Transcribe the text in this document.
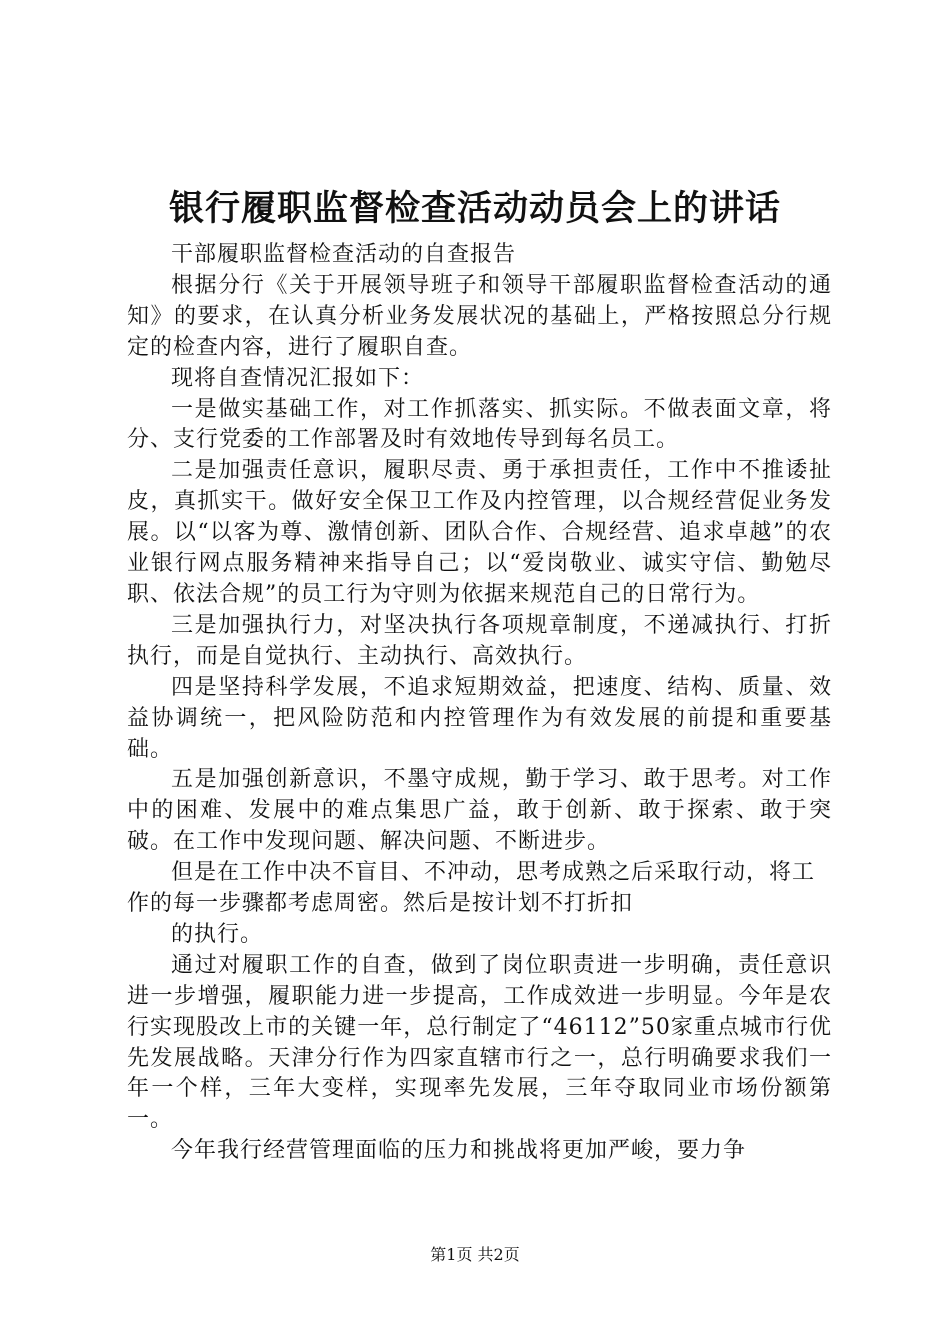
银行履职监督检查活动动员会上的讲话

干部履职监督检查活动的自查报告

根据分行《关于开展领导班子和领导干部履职监督检查活动的通知》的要求，在认真分析业务发展状况的基础上，严格按照总分行规定的检查内容，进行了履职自查。

现将自查情况汇报如下：

一是做实基础工作，对工作抓落实、抓实际。不做表面文章，将分、支行党委的工作部署及时有效地传导到每名员工。

二是加强责任意识，履职尽责、勇于承担责任，工作中不推诿扯皮，真抓实干。做好安全保卫工作及内控管理，以合规经营促业务发展。以“以客为尊、激情创新、团队合作、合规经营、追求卓越”的农业银行网点服务精神来指导自己；以“爱岗敬业、诚实守信、勤勉尽职、依法合规”的员工行为守则为依据来规范自己的日常行为。

三是加强执行力，对坚决执行各项规章制度，不递减执行、打折执行，而是自觉执行、主动执行、高效执行。

四是坚持科学发展，不追求短期效益，把速度、结构、质量、效益协调统一，把风险防范和内控管理作为有效发展的前提和重要基础。

五是加强创新意识，不墨守成规，勤于学习、敢于思考。对工作中的困难、发展中的难点集思广益，敢于创新、敢于探索、敢于突破。在工作中发现问题、解决问题、不断进步。

但是在工作中决不盲目、不冲动，思考成熟之后采取行动，将工作的每一步骤都考虑周密。然后是按计划不打折扣

的执行。

通过对履职工作的自查，做到了岗位职责进一步明确，责任意识进一步增强，履职能力进一步提高，工作成效进一步明显。今年是农行实现股改上市的关键一年，总行制定了“46112”50家重点城市行优先发展战略。天津分行作为四家直辖市行之一，总行明确要求我们一年一个样，三年大变样，实现率先发展，三年夺取同业市场份额第一。

今年我行经营管理面临的压力和挑战将更加严峻，要力争

第1页 共2页
